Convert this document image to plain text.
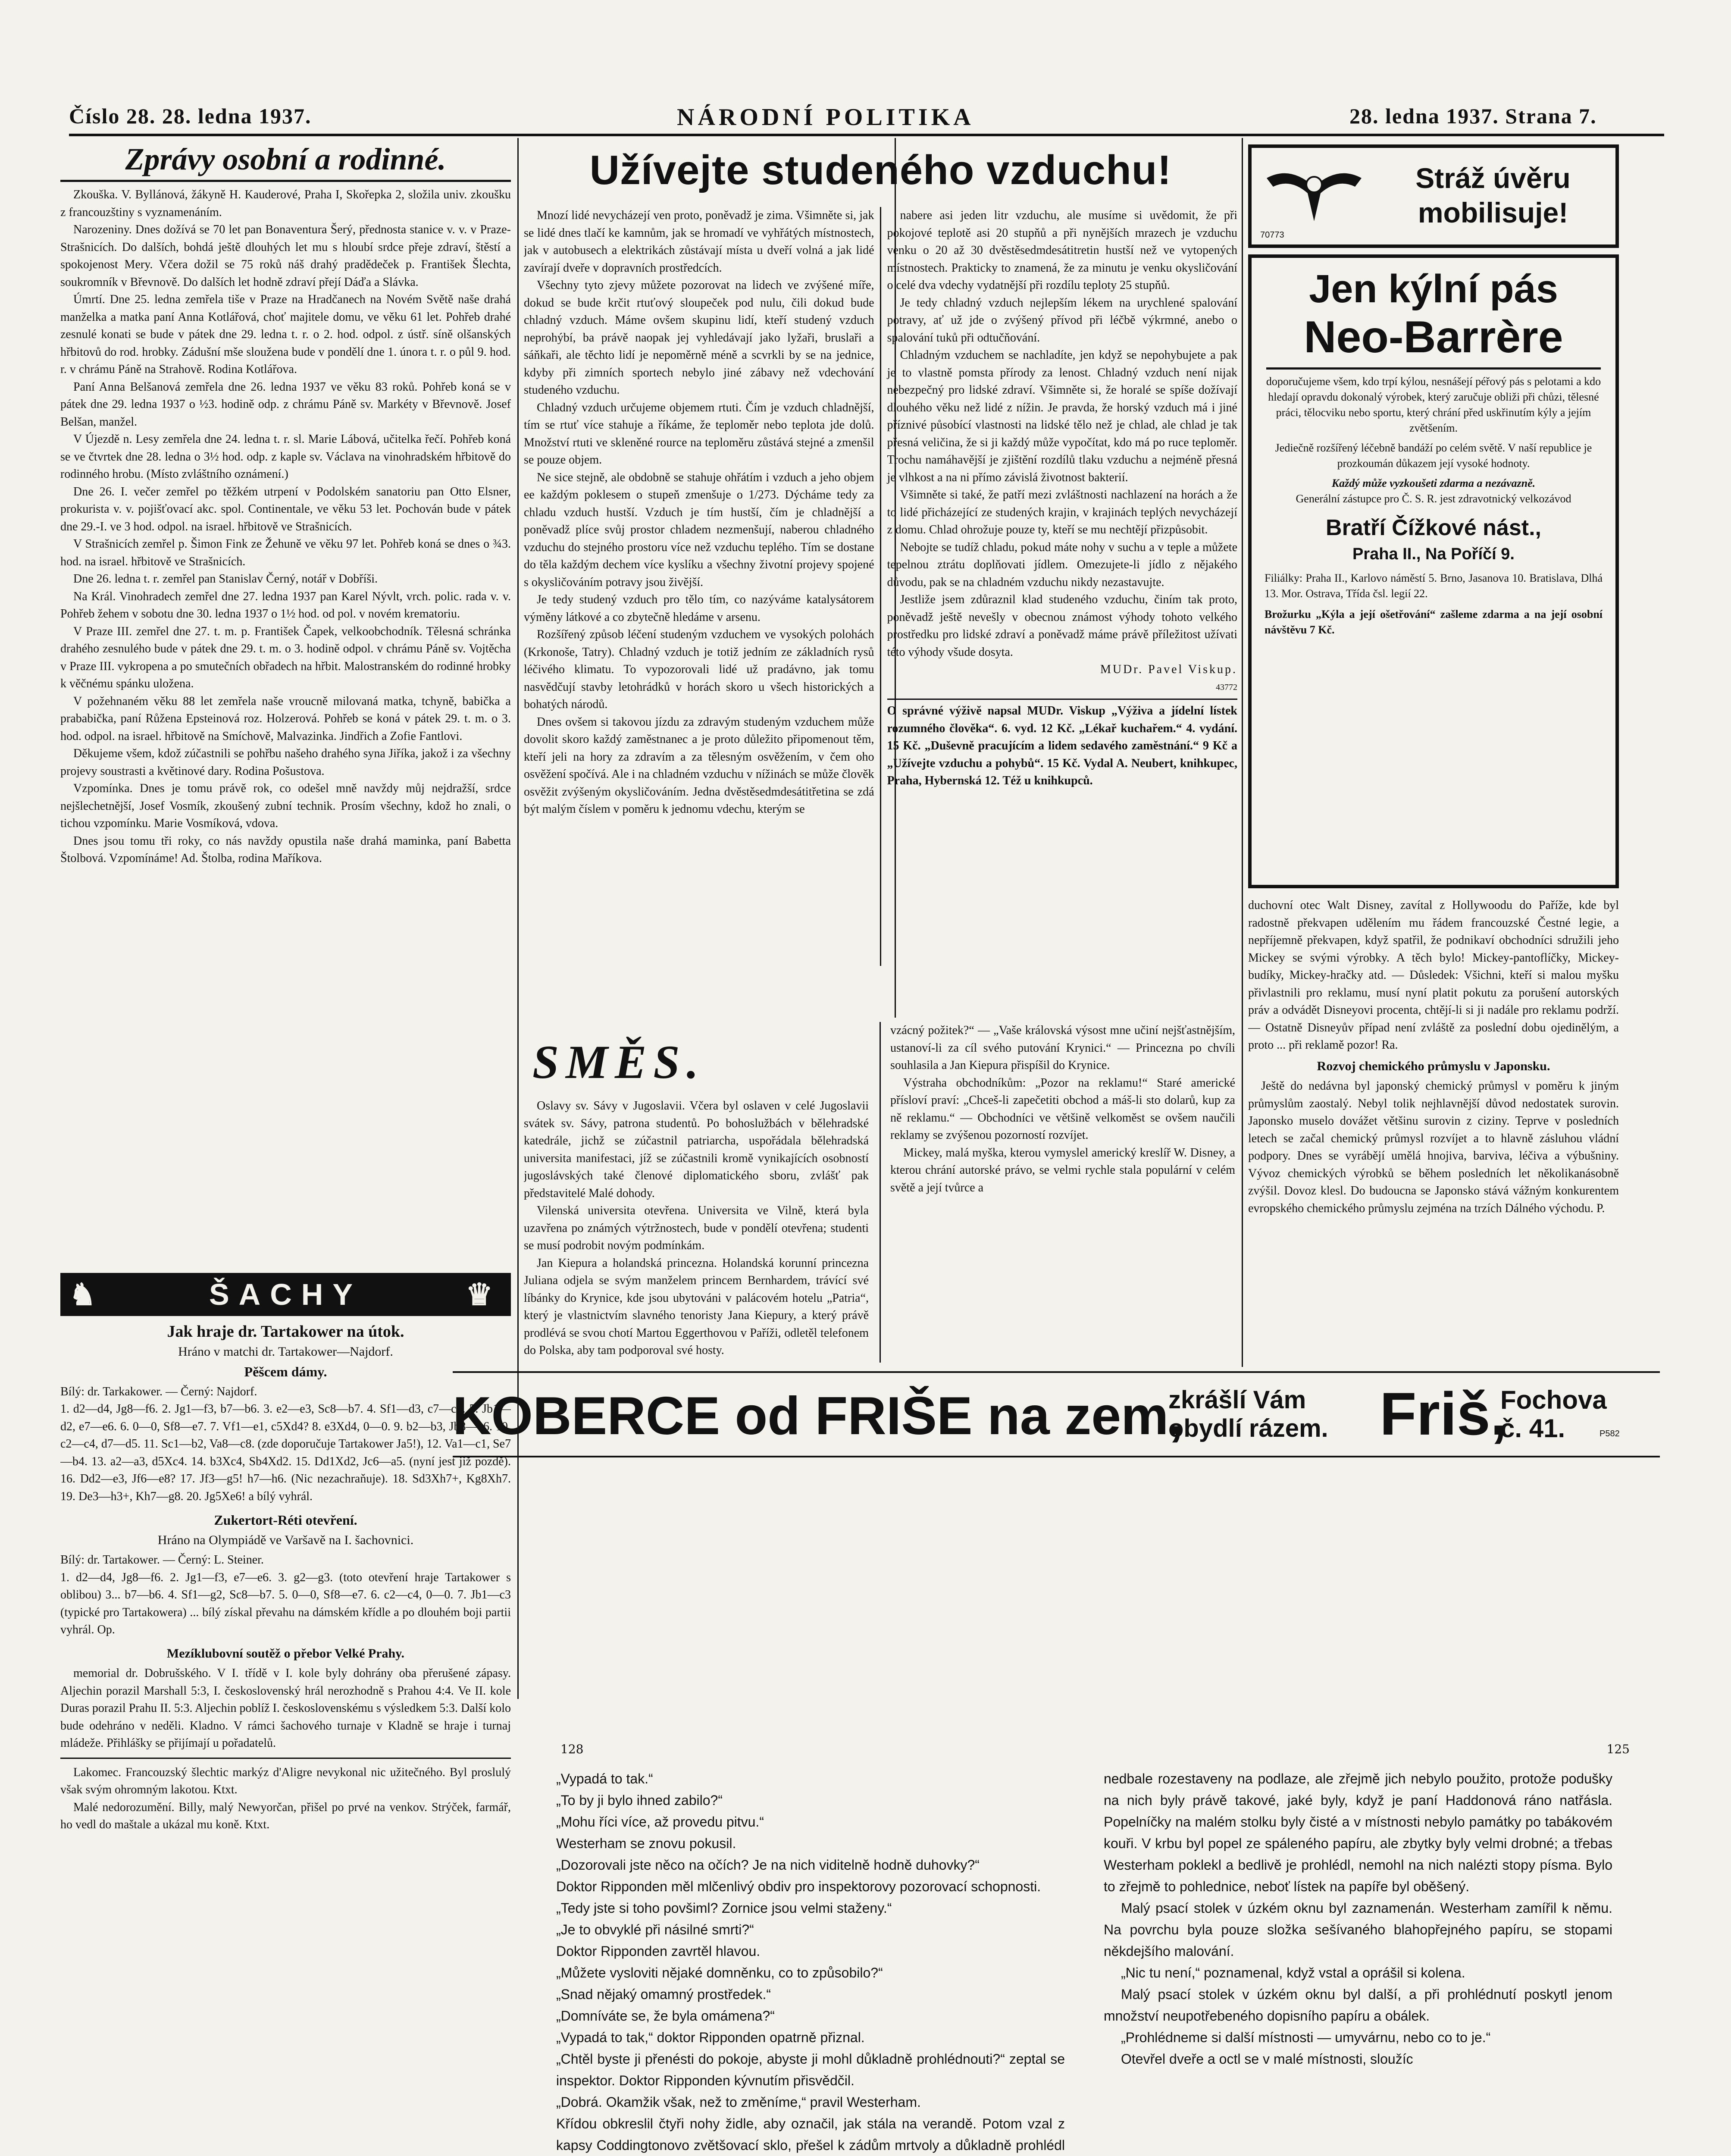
Číslo 28. 28. ledna 1937.	NÁRODNÍ POLITIKA	28. ledna 1937. Strana 7.
Zprávy osobní a rodinné.

Zkouška. V. Byllánová, žákyně H. Kauderové, Praha I, Skořepka 2, složila univ. zkoušku z francouzštiny s vyznamenáním.

Narozeniny. Dnes dožívá se 70 let pan Bonaventura Šerý, přednosta stanice v. v. v Praze-Strašnicích. Do dalších, bohdá ještě dlouhých let mu s hloubí srdce přeje zdraví, štěstí a spokojenost Mery. Včera dožil se 75 roků náš drahý pradědeček p. František Šlechta, soukromník v Břevnově. Do dalších let hodně zdraví přejí Dáďa a Slávka.

Úmrtí. Dne 25. ledna zemřela tiše v Praze na Hradčanech na Novém Světě naše drahá manželka a matka paní Anna Kotlářová, choť majitele domu, ve věku 61 let. Pohřeb drahé zesnulé konati se bude v pátek dne 29. ledna t. r. o 2. hod. odpol. z ústř. síně olšanských hřbitovů do rod. hrobky. Zádušní mše sloužena bude v pondělí dne 1. února t. r. o půl 9. hod. r. v chrámu Páně na Strahově. Rodina Kotlářova.

Paní Anna Belšanová zemřela dne 26. ledna 1937 ve věku 83 roků. Pohřeb koná se v pátek dne 29. ledna 1937 o ½3. hodině odp. z chrámu Páně sv. Markéty v Břevnově. Josef Belšan, manžel.

V Újezdě n. Lesy zemřela dne 24. ledna t. r. sl. Marie Lábová, učitelka řečí. Pohřeb koná se ve čtvrtek dne 28. ledna o 3½ hod. odp. z kaple sv. Václava na vinohradském hřbitově do rodinného hrobu. (Místo zvláštního oznámení.)

Dne 26. I. večer zemřel po těžkém utrpení v Podolském sanatoriu pan Otto Elsner, prokurista v. v. pojišťovací akc. spol. Continentale, ve věku 53 let. Pochován bude v pátek dne 29.-I. ve 3 hod. odpol. na israel. hřbitově ve Strašnicích.

V Strašnicích zemřel p. Šimon Fink ze Žehuně ve věku 97 let. Pohřeb koná se dnes o ¾3. hod. na israel. hřbitově ve Strašnicích.

Dne 26. ledna t. r. zemřel pan Stanislav Černý, notář v Dobříši.

Na Král. Vinohradech zemřel dne 27. ledna 1937 pan Karel Nývlt, vrch. polic. rada v. v. Pohřeb žehem v sobotu dne 30. ledna 1937 o 1½ hod. od pol. v novém krematoriu.

V Praze III. zemřel dne 27. t. m. p. František Čapek, velkoobchodník. Tělesná schránka drahého zesnulého bude v pátek dne 29. t. m. o 3. hodině odpol. v chrámu Páně sv. Vojtěcha v Praze III. vykropena a po smutečních obřadech na hřbit. Malostranském do rodinné hrobky k věčnému spánku uložena.

V požehnaném věku 88 let zemřela naše vroucně milovaná matka, tchyně, babička a prababička, paní Růžena Epsteinová roz. Holzerová. Pohřeb se koná v pátek 29. t. m. o 3. hod. odpol. na israel. hřbitově na Smíchově, Malvazinka. Jindřich a Zofie Fantlovi.

Děkujeme všem, kdož zúčastnili se pohřbu našeho drahého syna Jiříka, jakož i za všechny projevy soustrasti a květinové dary. Rodina Pošustova.

Vzpomínka. Dnes je tomu právě rok, co odešel mně navždy můj nejdražší, srdce nejšlechetnější, Josef Vosmík, zkoušený zubní technik. Prosím všechny, kdož ho znali, o tichou vzpomínku. Marie Vosmíková, vdova.

Dnes jsou tomu tři roky, co nás navždy opustila naše drahá maminka, paní Babetta Štolbová. Vzpomínáme! Ad. Štolba, rodina Maříkova.

♞	ŠACHY	♛

Jak hraje dr. Tartakower na útok.

Hráno v matchi dr. Tartakower—Najdorf.

Pěšcem dámy.

Bílý: dr. Tarkakower. — Černý: Najdorf.

1. d2—d4, Jg8—f6. 2. Jg1—f3, b7—b6. 3. e2—e3, Sc8—b7. 4. Sf1—d3, c7—c5. 5. Jb1—d2, e7—e6. 6. 0—0, Sf8—e7. 7. Vf1—e1, c5Xd4? 8. e3Xd4, 0—0. 9. b2—b3, Jb8—c6. 10. c2—c4, d7—d5. 11. Sc1—b2, Va8—c8. (zde doporučuje Tartakower Ja5!), 12. Va1—c1, Se7—b4. 13. a2—a3, d5Xc4. 14. b3Xc4, Sb4Xd2. 15. Dd1Xd2, Jc6—a5. (nyní jest již pozdě). 16. Dd2—e3, Jf6—e8? 17. Jf3—g5! h7—h6. (Nic nezachraňuje). 18. Sd3Xh7+, Kg8Xh7. 19. De3—h3+, Kh7—g8. 20. Jg5Xe6! a bílý vyhrál.

Zukertort-Réti otevření.

Hráno na Olympiádě ve Varšavě na I. šachovnici.

Bílý: dr. Tartakower. — Černý: L. Steiner.

1. d2—d4, Jg8—f6. 2. Jg1—f3, e7—e6. 3. g2—g3. (toto otevření hraje Tartakower s oblibou) 3... b7—b6. 4. Sf1—g2, Sc8—b7. 5. 0—0, Sf8—e7. 6. c2—c4, 0—0. 7. Jb1—c3 (typické pro Tartakowera) ... bílý získal převahu na dámském křídle a po dlouhém boji partii vyhrál. Op.

Mezíklubovní soutěž o přebor Velké Prahy.

memorial dr. Dobrušského. V I. třídě v I. kole byly dohrány oba přerušené zápasy. Aljechin porazil Marshall 5:3, I. československý hrál nerozhodně s Prahou 4:4. Ve II. kole Duras porazil Prahu II. 5:3. Aljechin poblíž I. československému s výsledkem 5:3. Další kolo bude odehráno v neděli. Kladno. V rámci šachového turnaje v Kladně se hraje i turnaj mládeže. Přihlášky se přijímají u pořadatelů.

Lakomec. Francouzský šlechtic markýz d'Aligre nevykonal nic užitečného. Byl proslulý však svým ohromným lakotou. Ktxt.

Malé nedorozumění. Billy, malý Newyorčan, přišel po prvé na venkov. Strýček, farmář, ho vedl do maštale a ukázal mu koně. Ktxt.

Užívejte studeného vzduchu!

Mnozí lidé nevycházejí ven proto, poněvadž je zima. Všimněte si, jak se lidé dnes tlačí ke kamnům, jak se hromadí ve vyhřátých místnostech, jak v autobusech a elektrikách zůstávají místa u dveří volná a jak lidé zavírají dveře v dopravních prostředcích.

Všechny tyto zjevy můžete pozorovat na lidech ve zvýšené míře, dokud se bude krčit rtuťový sloupeček pod nulu, čili dokud bude chladný vzduch. Máme ovšem skupinu lidí, kteří studený vzduch neprohýbí, ba právě naopak jej vyhledávají jako lyžaři, bruslaři a sáňkaři, ale těchto lidí je nepoměrně méně a scvrkli by se na jednice, kdyby při zimních sportech nebylo jiné zábavy než vdechování studeného vzduchu.

Chladný vzduch určujeme objemem rtuti. Čím je vzduch chladnější, tím se rtuť více stahuje a říkáme, že teploměr nebo teplota jde dolů. Množství rtuti ve skleněné rource na teploměru zůstává stejné a zmenšil se pouze objem.

Ne sice stejně, ale obdobně se stahuje ohřátím i vzduch a jeho objem ee každým poklesem o stupeň zmenšuje o 1/273. Dýcháme tedy za chladu vzduch hustší. Vzduch je tím hustší, čím je chladnější a poněvadž plíce svůj prostor chladem nezmenšují, naberou chladného vzduchu do stejného prostoru více než vzduchu teplého. Tím se dostane do těla každým dechem více kyslíku a všechny životní projevy spojené s okysličováním potravy jsou živější.

Je tedy studený vzduch pro tělo tím, co nazýváme katalysátorem výměny látkové a co zbytečně hledáme v arsenu.

Rozšířený způsob léčení studeným vzduchem ve vysokých polohách (Krkonoše, Tatry). Chladný vzduch je totiž jedním ze základních rysů léčivého klimatu. To vypozorovali lidé už pradávno, jak tomu nasvědčují stavby letohrádků v horách skoro u všech historických a bohatých národů.

Dnes ovšem si takovou jízdu za zdravým studeným vzduchem může dovolit skoro každý zaměstnanec a je proto důležito připomenout těm, kteří jeli na hory za zdravím a za tělesným osvěžením, v čem oho osvěžení spočívá. Ale i na chladném vzduchu v nížinách se může člověk osvěžit zvýšeným okysličováním. Jedna dvěstěsedmdesátitřetina se zdá být malým číslem v poměru k jednomu vdechu, kterým se

nabere asi jeden litr vzduchu, ale musíme si uvědomit, že při pokojové teplotě asi 20 stupňů a při nynějších mrazech je vzduchu venku o 20 až 30 dvěstěsedmdesátitretin hustší než ve vytopených místnostech. Prakticky to znamená, že za minutu je venku okysličování o celé dva vdechy vydatnější při rozdílu teploty 25 stupňů.

Je tedy chladný vzduch nejlepším lékem na urychlené spalování potravy, ať už jde o zvýšený přívod při léčbě výkrmné, anebo o spalování tuků při odtučňování.

Chladným vzduchem se nachladíte, jen když se nepohybujete a pak je to vlastně pomsta přírody za lenost. Chladný vzduch není nijak nebezpečný pro lidské zdraví. Všimněte si, že horalé se spíše dožívají dlouhého věku než lidé z nížin. Je pravda, že horský vzduch má i jiné příznivé působící vlastnosti na lidské tělo než je chlad, ale chlad je tak přesná veličina, že si ji každý může vypočítat, kdo má po ruce teploměr. Trochu namáhavější je zjištění rozdílů tlaku vzduchu a nejméně přesná je vlhkost a na ni přímo závislá životnost bakterií.

Všimněte si také, že patří mezi zvláštnosti nachlazení na horách a že to lidé přicházející ze studených krajin, v krajinách teplých nevycházejí z domu. Chlad ohrožuje pouze ty, kteří se mu nechtějí přizpůsobit.

Nebojte se tudíž chladu, pokud máte nohy v suchu a v teple a můžete tepelnou ztrátu doplňovati jídlem. Omezujete-li jídlo z nějakého důvodu, pak se na chladném vzduchu nikdy nezastavujte.

Jestliže jsem zdůraznil klad studeného vzduchu, činím tak proto, poněvadž ještě nevešly v obecnou známost výhody tohoto velkého prostředku pro lidské zdraví a poněvadž máme právě příležitost užívati této výhody všude dosyta.

MUDr. Pavel Viskup.

43772

O správné výživě napsal MUDr. Viskup „Výživa a jídelní lístek rozumného člověka“. 6. vyd. 12 Kč. „Lékař kuchařem.“ 4. vydání. 15 Kč. „Duševně pracujícím a lidem sedavého zaměstnání.“ 9 Kč a „Užívejte vzduchu a pohybů“. 15 Kč. Vydal A. Neubert, knihkupec, Praha, Hybernská 12. Též u knihkupců.

70773
Stráž úvěru mobilisuje!
Jen kýlní pás
Neo-Barrère

doporučujeme všem, kdo trpí kýlou, nesnášejí péřový pás s pelotami a kdo hledají opravdu dokonalý výrobek, který zaručuje obliži při chůzi, tělesné práci, tělocviku nebo sportu, který chrání před uskřinutím kýly a jejím zvětšením.

Jediečně rozšířený léčebně bandáží po celém světě. V naší republice je prozkoumán důkazem její vysoké hodnoty.

Každý může vyzkoušeti zdarma a nezávazně.

Generální zástupce pro Č. S. R. jest zdravotnický velkozávod

Bratří Čížkové nást.,

Praha II., Na Poříčí 9.

Filiálky: Praha II., Karlovo náměstí 5. Brno, Jasanova 10. Bratislava, Dlhá 13. Mor. Ostrava, Třída čsl. legií 22.

Brožurku „Kýla a její ošetřování“ zašleme zdarma a na její osobní návštěvu 7 Kč.

duchovní otec Walt Disney, zavítal z Hollywoodu do Paříže, kde byl radostně překvapen udělením mu řádem francouzské Čestné legie, a nepříjemně překvapen, když spatřil, že podnikaví obchodníci sdružili jeho Mickey se svými výrobky. A těch bylo! Mickey-pantoflíčky, Mickey-budíky, Mickey-hračky atd. — Důsledek: Všichni, kteří si malou myšku přivlastnili pro reklamu, musí nyní platit pokutu za porušení autorských práv a odvádět Disneyovi procenta, chtějí-li si ji nadále pro reklamu podrží. — Ostatně Disneyův případ není zvláště za poslední dobu ojedinělým, a proto ... při reklamě pozor! Ra.

Rozvoj chemického průmyslu v Japonsku.

Ještě do nedávna byl japonský chemický průmysl v poměru k jiným průmyslům zaostalý. Nebyl tolik nejhlavnější důvod nedostatek surovin. Japonsko muselo dovážet většinu surovin z ciziny. Teprve v posledních letech se začal chemický průmysl rozvíjet a to hlavně zásluhou vládní podpory. Dnes se vyrábějí umělá hnojiva, barviva, léčiva a výbušniny. Vývoz chemických výrobků se během posledních let několikanásobně zvýšil. Dovoz klesl. Do budoucna se Japonsko stává vážným konkurentem evropského chemického průmyslu zejména na trzích Dálného východu. P.

SMĚS.

Oslavy sv. Sávy v Jugoslavii. Včera byl oslaven v celé Jugoslavii svátek sv. Sávy, patrona studentů. Po bohoslužbách v bělehradské katedrále, jichž se zúčastnil patriarcha, uspořádala bělehradská universita manifestaci, jíž se zúčastnili kromě vynikajících osobností jugoslávských také členové diplomatického sboru, zvlášť pak představitelé Malé dohody.

Vilenská universita otevřena. Universita ve Vilně, která byla uzavřena po známých výtržnostech, bude v pondělí otevřena; studenti se musí podrobit novým podmínkám.

Jan Kiepura a holandská princezna. Holandská korunní princezna Juliana odjela se svým manželem princem Bernhardem, trávící své líbánky do Krynice, kde jsou ubytováni v palácovém hotelu „Patria“, který je vlastnictvím slavného tenoristy Jana Kiepury, a který právě prodlévá se svou chotí Martou Eggerthovou v Paříži, odletěl telefonem do Polska, aby tam podporoval své hosty.

vzácný požitek?“ — „Vaše královská výsost mne učiní nejšťastnějším, ustanoví-li za cíl svého putování Krynici.“ — Princezna po chvíli souhlasila a Jan Kiepura přispíšil do Krynice.

Výstraha obchodníkům: „Pozor na reklamu!“ Staré americké přísloví praví: „Chceš-li zapečetiti obchod a máš-li sto dolarů, kup za ně reklamu.“ — Obchodníci ve většině velkoměst se ovšem naučili reklamy se zvýšenou pozorností rozvíjet.

Mickey, malá myška, kterou vymyslel americký kreslíř W. Disney, a kterou chrání autorské právo, se velmi rychle stala populární v celém světě a její tvůrce a

KOBERCE od FRIŠE na zem,
zkrášlí Vám
obydlí rázem. Friš,
Fochova
č. 41.	P582
128	125

„Vypadá to tak.“

„To by ji bylo ihned zabilo?“

„Mohu říci více, až provedu pitvu.“

Westerham se znovu pokusil.

„Dozorovali jste něco na očích? Je na nich viditelně hodně duhovky?“

Doktor Ripponden měl mlčenlivý obdiv pro inspektorovy pozorovací schopnosti.

„Tedy jste si toho povšiml? Zornice jsou velmi staženy.“

„Je to obvyklé při násilné smrti?“

Doktor Ripponden zavrtěl hlavou.

„Můžete vysloviti nějaké domněnku, co to způsobilo?“

„Snad nějaký omamný prostředek.“

„Domníváte se, že byla omámena?“

„Vypadá to tak,“ doktor Ripponden opatrně přiznal.

„Chtěl byste ji přenésti do pokoje, abyste ji mohl důkladně prohlédnouti?“ zeptal se inspektor. Doktor Ripponden kývnutím přisvědčil.

„Dobrá. Okamžik však, než to změníme,“ pravil Westerham.

Křídou obkreslil čtyři nohy židle, aby označil, jak stála na verandě. Potom vzal z kapsy Coddingtonovo zvětšovací sklo, přešel k zádům mrtvoly a důkladně prohlédl

nedbale rozestaveny na podlaze, ale zřejmě jich nebylo použito, protože podušky na nich byly právě takové, jaké byly, když je paní Haddonová ráno natřásla. Popelníčky na malém stolku byly čisté a v místnosti nebylo památky po tabákovém kouři. V krbu byl popel ze spáleného papíru, ale zbytky byly velmi drobné; a třebas Westerham poklekl a bedlivě je prohlédl, nemohl na nich nalézti stopy písma. Bylo to zřejmě to pohlednice, neboť lístek na papíře byl oběšený.

Malý psací stolek v úzkém oknu byl zaznamenán. Westerham zamířil k němu. Na povrchu byla pouze složka sešívaného blahopřejného papíru, se stopami někdejšího malování.

„Nic tu není,“ poznamenal, když vstal a oprášil si kolena.

Malý psací stolek v úzkém oknu byl další, a při prohlédnutí poskytl jenom množství neupotřebeného dopisního papíru a obálek.

„Prohlédneme si další místnosti — umyvárnu, nebo co to je.“

Otevřel dveře a octl se v malé místnosti, sloužíc
